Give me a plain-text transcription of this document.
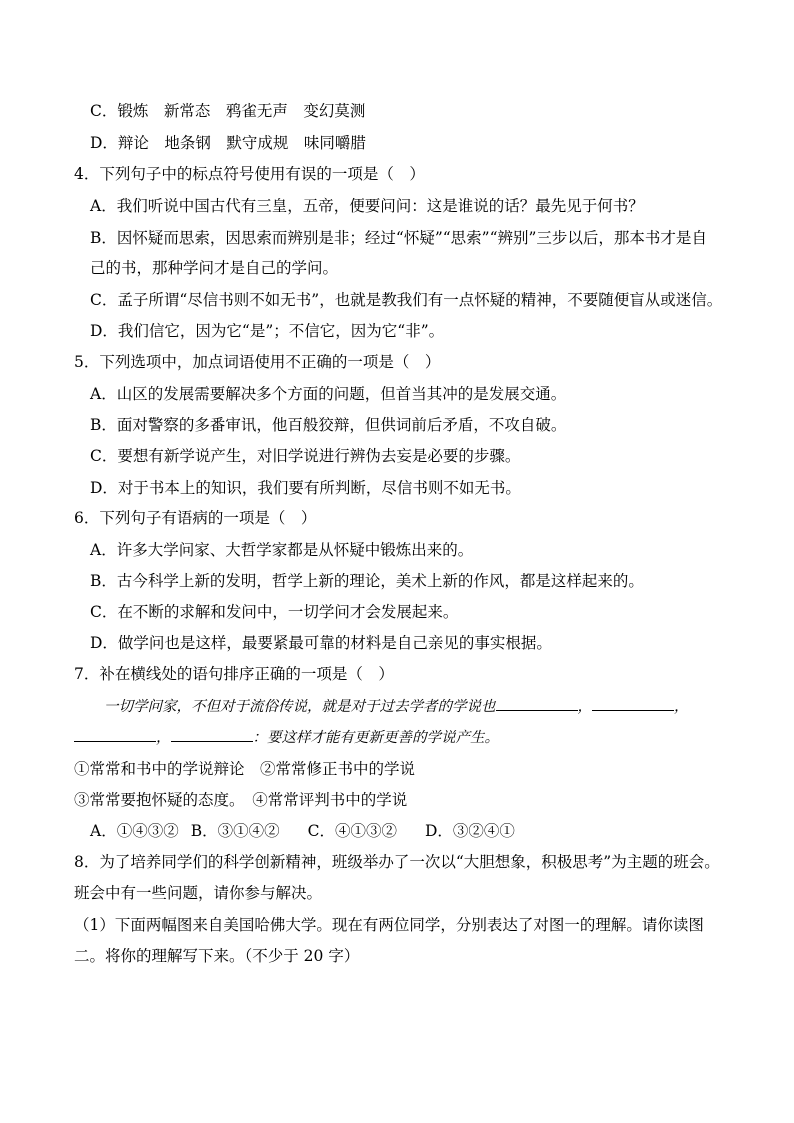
C．锻炼　新常态　鸦雀无声　变幻莫测
D．辩论　地条钢　默守成规　味同嚼腊
4．下列句子中的标点符号使用有误的一项是（　）
A．我们听说中国古代有三皇，五帝，便要问问：这是谁说的话？最先见于何书？
B．因怀疑而思索，因思索而辨别是非；经过“怀疑”“思索”“辨别”三步以后，那本书才是自
己的书，那种学问才是自己的学问。
C．孟子所谓“尽信书则不如无书”，也就是教我们有一点怀疑的精神，不要随便盲从或迷信。
D．我们信它，因为它“是”；不信它，因为它“非”。
5．下列选项中，加点词语使用不正确的一项是（　）
A．山区的发展需要解决多个方面的问题，但首当其冲的是发展交通。
B．面对警察的多番审讯，他百般狡辩，但供词前后矛盾，不攻自破。
C．要想有新学说产生，对旧学说进行辨伪去妄是必要的步骤。
D．对于书本上的知识，我们要有所判断，尽信书则不如无书。
6．下列句子有语病的一项是（　）
A．许多大学问家、大哲学家都是从怀疑中锻炼出来的。
B．古今科学上新的发明，哲学上新的理论，美术上新的作风，都是这样起来的。
C．在不断的求解和发问中，一切学问才会发展起来。
D．做学问也是这样，最要紧最可靠的材料是自己亲见的事实根据。
7．补在横线处的语句排序正确的一项是（　）
一切学问家，不但对于流俗传说，就是对于过去学者的学说也	，	，
，	：要这样才能有更新更善的学说产生。
①常常和书中的学说辩论　②常常修正书中的学说
③常常要抱怀疑的态度。　④常常评判书中的学说
A．①④③② B．③①④② C．④①③② D．③②④①
8．为了培养同学们的科学创新精神，班级举办了一次以“大胆想象，积极思考”为主题的班会。
班会中有一些问题，请你参与解决。
（1）下面两幅图来自美国哈佛大学。现在有两位同学，分别表达了对图一的理解。请你读图
二。将你的理解写下来。（不少于 20 字）
